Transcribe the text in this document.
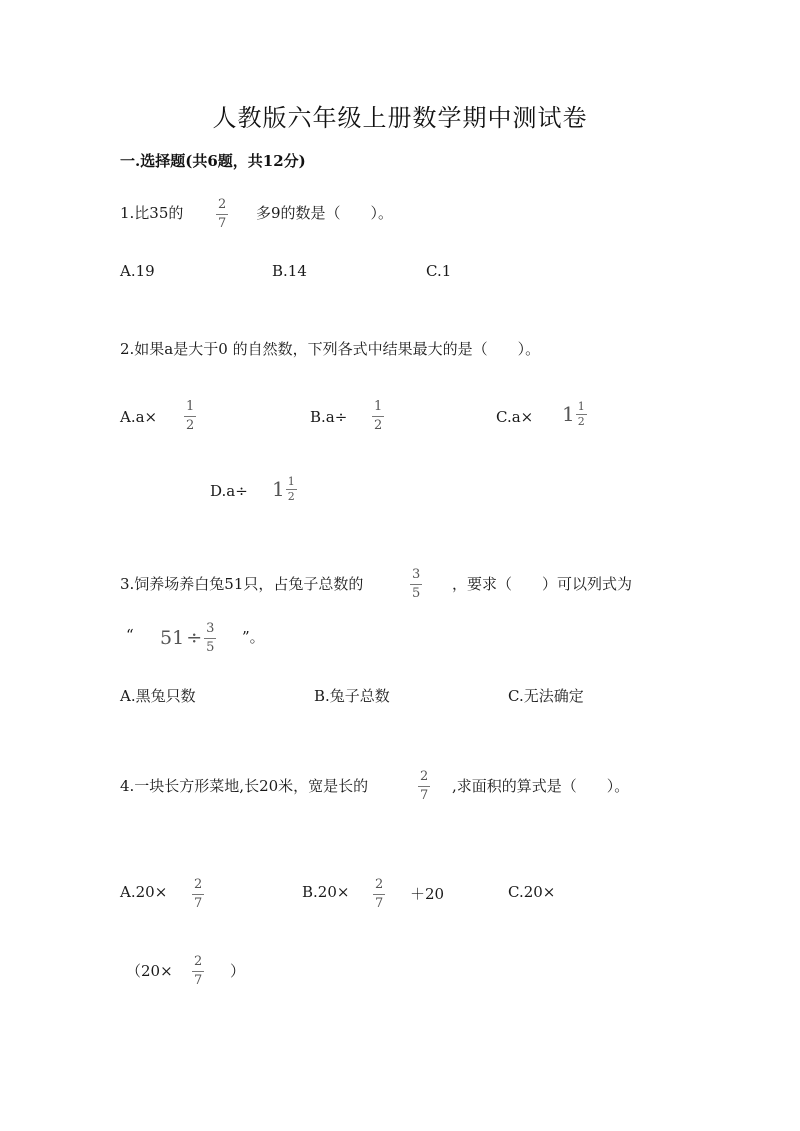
人教版六年级上册数学期中测试卷
一.选择题(共6题，共12分)
1.比35的	2
7
多9的数是（　　）。
A.19	B.14	C.1
2.如果a是大于0 的自然数，下列各式中结果最大的是（　　）。
A.a×
1
2	B.a÷
1
2	$C.a\times 1 \frac{1}{2}$
$D.a\div 1 \frac{1}{2}$
3.饲养场养白兔51只，占兔子总数的
3
5
，要求（　　）可以列式为
“ $51 \div \frac{3}{5}$ ”。
A.黑兔只数	B.兔子总数	C.无法确定
4.一块长方形菜地,长20米，宽是长的
2
7
,求面积的算式是（　　）。
A.20× 2
7
B.20× 2
7
＋20	C.20×
（20×
2
7
）
